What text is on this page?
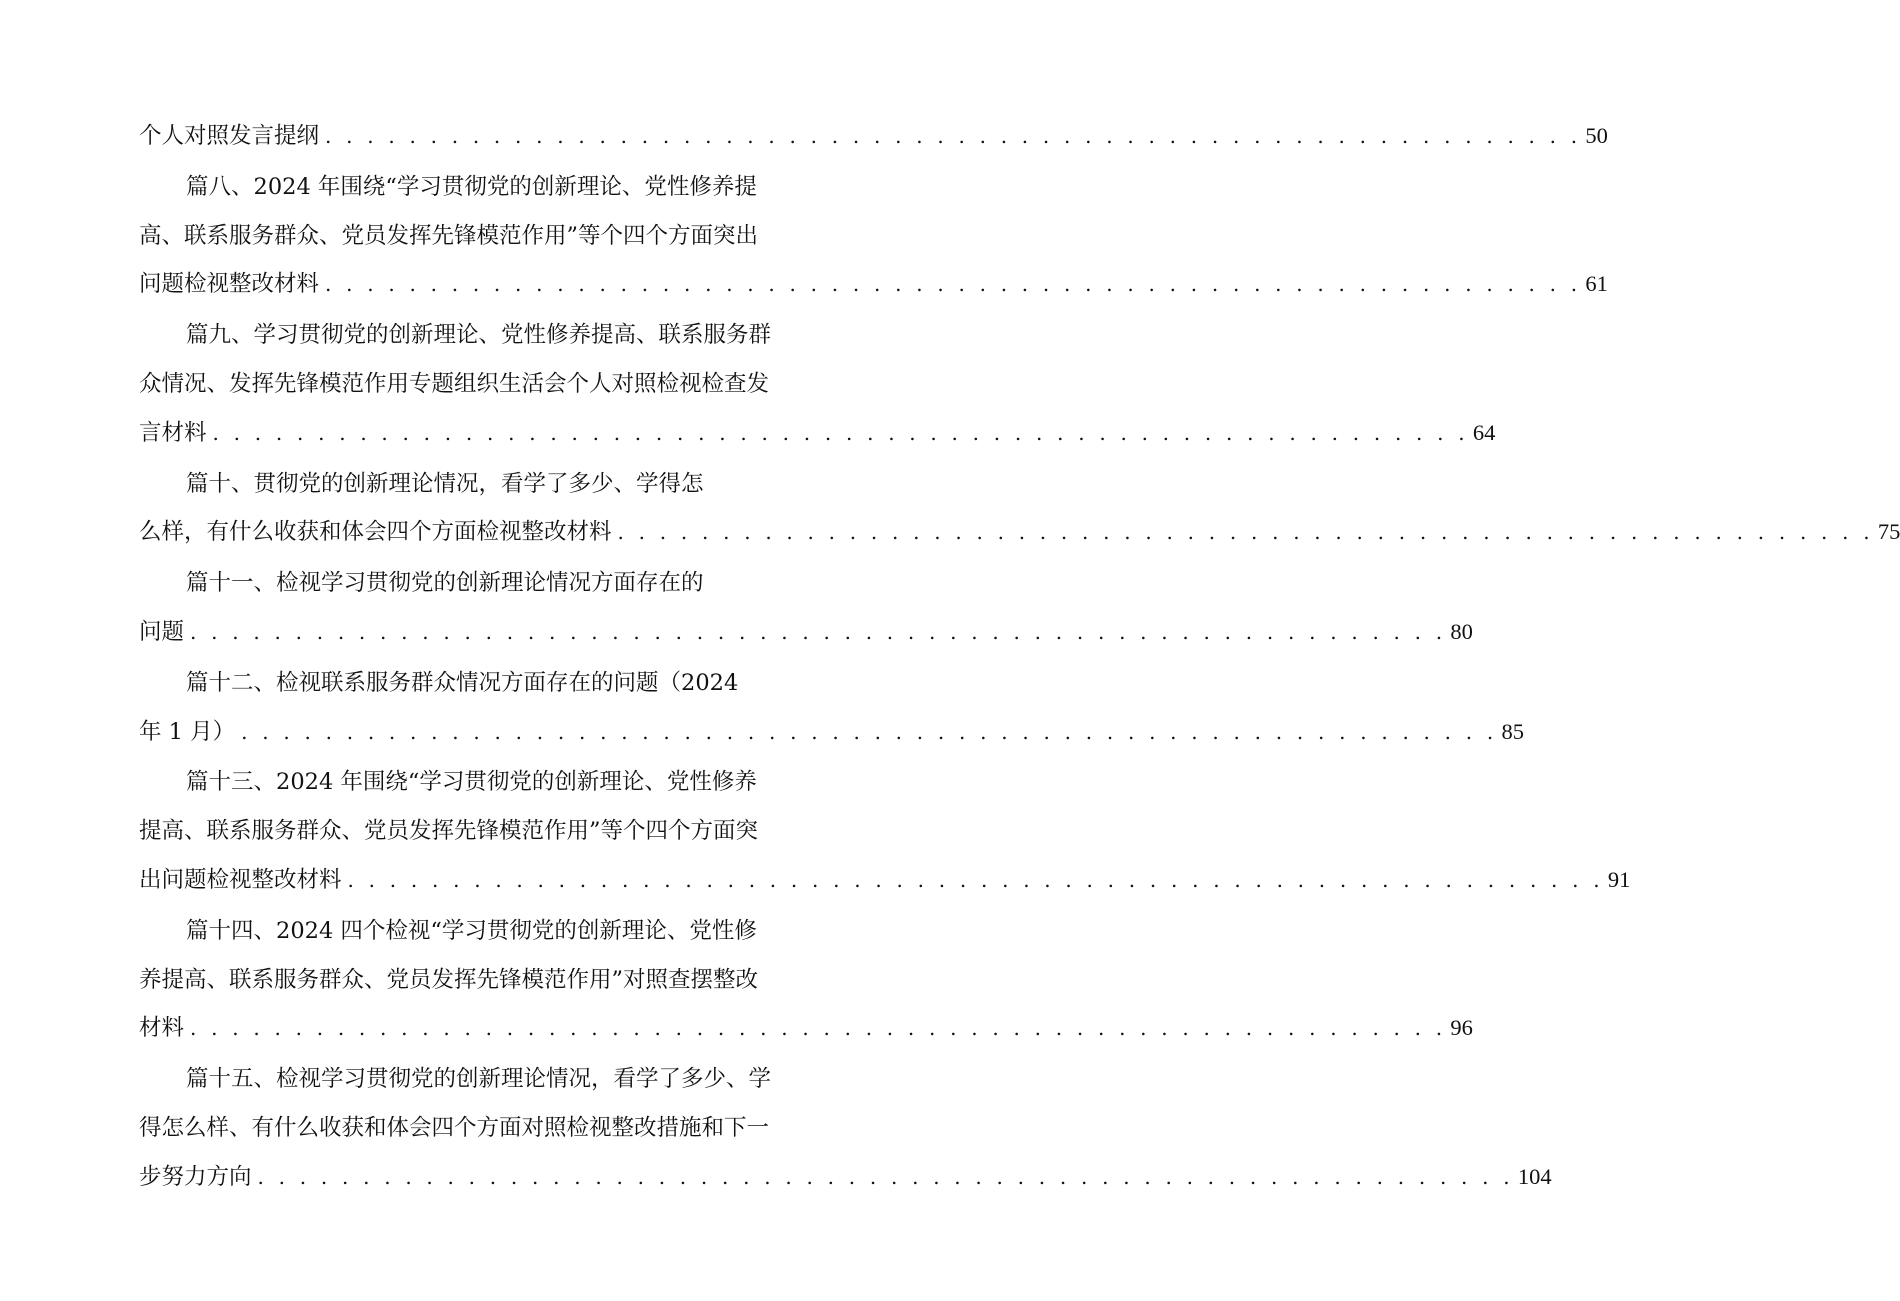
个人对照发言提纲 . . . . . . . . . . . . . . . . . . . . . . . . . . . . . . . . . . . . . . . . . . . . . . . . . . . . . . . . . . . . 50
篇八、2024 年围绕“学习贯彻党的创新理论、党性修养提
高、联系服务群众、党员发挥先锋模范作用”等个四个方面突出
问题检视整改材料 . . . . . . . . . . . . . . . . . . . . . . . . . . . . . . . . . . . . . . . . . . . . . . . . . . . . . . . . . . . . 61
篇九、学习贯彻党的创新理论、党性修养提高、联系服务群
众情况、发挥先锋模范作用专题组织生活会个人对照检视检查发
言材料 . . . . . . . . . . . . . . . . . . . . . . . . . . . . . . . . . . . . . . . . . . . . . . . . . . . . . . . . . . . . 64
篇十、贯彻党的创新理论情况，看学了多少、学得怎
么样，有什么收获和体会四个方面检视整改材料 . . . . . . . . . . . . . . . . . . . . . . . . . . . . . . . . . . . . . . . . . . . . . . . . . . . . . . . . . . . . 75
篇十一、检视学习贯彻党的创新理论情况方面存在的
问题 . . . . . . . . . . . . . . . . . . . . . . . . . . . . . . . . . . . . . . . . . . . . . . . . . . . . . . . . . . . . 80
篇十二、检视联系服务群众情况方面存在的问题（2024
年 1 月） . . . . . . . . . . . . . . . . . . . . . . . . . . . . . . . . . . . . . . . . . . . . . . . . . . . . . . . . . . . . 85
篇十三、2024 年围绕“学习贯彻党的创新理论、党性修养
提高、联系服务群众、党员发挥先锋模范作用”等个四个方面突
出问题检视整改材料 . . . . . . . . . . . . . . . . . . . . . . . . . . . . . . . . . . . . . . . . . . . . . . . . . . . . . . . . . . . . 91
篇十四、2024 四个检视“学习贯彻党的创新理论、党性修
养提高、联系服务群众、党员发挥先锋模范作用”对照查摆整改
材料 . . . . . . . . . . . . . . . . . . . . . . . . . . . . . . . . . . . . . . . . . . . . . . . . . . . . . . . . . . . . 96
篇十五、检视学习贯彻党的创新理论情况，看学了多少、学
得怎么样、有什么收获和体会四个方面对照检视整改措施和下一
步努力方向 . . . . . . . . . . . . . . . . . . . . . . . . . . . . . . . . . . . . . . . . . . . . . . . . . . . . . . . . . . . . 104
